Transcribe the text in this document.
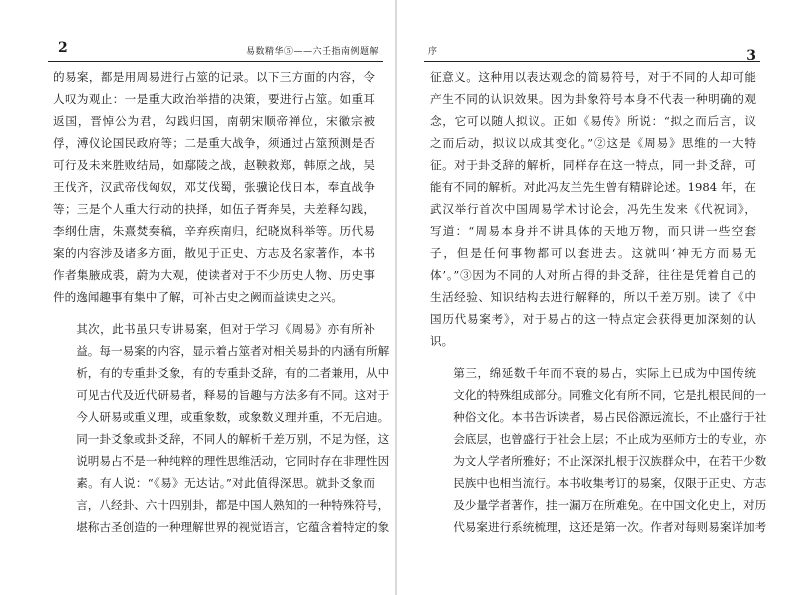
2	易数精华⑤——六壬指南例题解
的易案，都是用周易进行占筮的记录。以下三方面的内容，令
人叹为观止：一是重大政治举措的决策，要进行占筮。如重耳
返国，晋悼公为君，勾践归国，南朝宋顺帝禅位，宋徽宗被
俘，溥仪论国民政府等；二是重大战争，须通过占筮预测是否
可行及未来胜败结局，如鄢陵之战，赵鞅救郑，韩原之战，吴
王伐齐，汉武帝伐匈奴，邓艾伐蜀，张骥论伐日本，奉直战争
等；三是个人重大行动的抉择，如伍子胥奔吴，夫差释勾践，
李纲仕唐，朱熹焚奏稿，辛弃疾南归，纪晓岚科举等。历代易
案的内容涉及诸多方面，散见于正史、方志及名家著作，本书
作者集腋成裘，蔚为大观，使读者对于不少历史人物、历史事
件的逸闻趣事有集中了解，可补古史之阙而益读史之兴。
其次，此书虽只专讲易案，但对于学习《周易》亦有所补
益。每一易案的内容，显示着占筮者对相关易卦的内涵有所解
析，有的专重卦爻象，有的专重卦爻辞，有的二者兼用，从中
可见古代及近代研易者，释易的旨趣与方法多有不同。这对于
今人研易或重义理，或重象数，或象数义理并重，不无启迪。
同一卦爻象或卦爻辞，不同人的解析千差万别，不足为怪，这
说明易占不是一种纯粹的理性思维活动，它同时存在非理性因
素。有人说：“《易》无达诂。”对此值得深思。就卦爻象而
言，八经卦、六十四别卦，都是中国人熟知的一种特殊符号，
堪称古圣创造的一种理解世界的视觉语言，它蕴含着特定的象
序	3
征意义。这种用以表达观念的简易符号，对于不同的人却可能
产生不同的认识效果。因为卦象符号本身不代表一种明确的观
念，它可以随人拟议。正如《易传》所说：“拟之而后言，议
之而后动，拟议以成其变化。”②这是《周易》思维的一大特
征。对于卦爻辞的解析，同样存在这一特点，同一卦爻辞，可
能有不同的解析。对此冯友兰先生曾有精辟论述。1984 年，在
武汉举行首次中国周易学术讨论会，冯先生发来《代祝词》，
写道：“周易本身并不讲具体的天地万物，而只讲一些空套
子，但是任何事物都可以套进去。这就叫‘神无方而易无
体’。”③因为不同的人对所占得的卦爻辞，往往是凭着自己的
生活经验、知识结构去进行解释的，所以千差万别。读了《中
国历代易案考》，对于易占的这一特点定会获得更加深刻的认
识。
第三，绵延数千年而不衰的易占，实际上已成为中国传统
文化的特殊组成部分。同雅文化有所不同，它是扎根民间的一
种俗文化。本书告诉读者，易占民俗源远流长，不止盛行于社
会底层，也曾盛行于社会上层；不止成为巫师方士的专业，亦
为文人学者所雅好；不止深深扎根于汉族群众中，在若干少数
民族中也相当流行。本书收集考订的易案，仅限于正史、方志
及少量学者著作，挂一漏万在所难免。在中国文化史上，对历
代易案进行系统梳理，这还是第一次。作者对每则易案详加考
